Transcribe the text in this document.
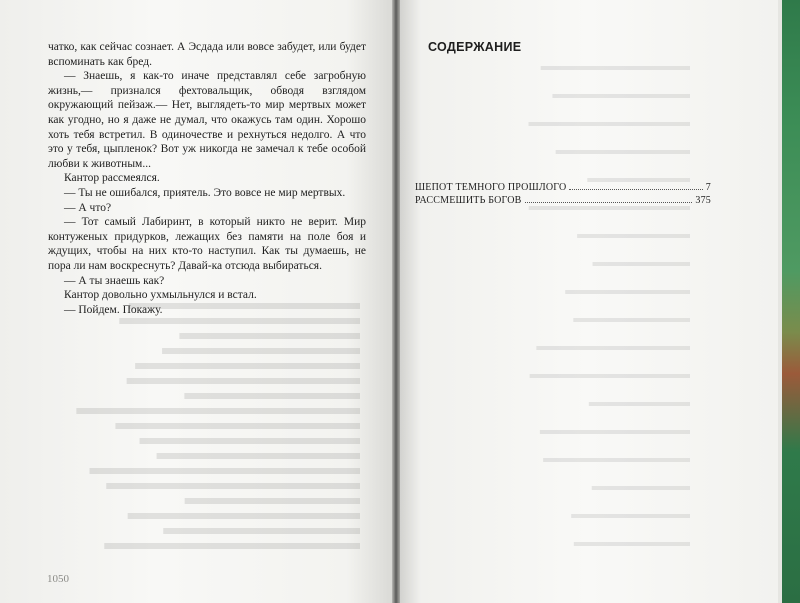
чатко, как сейчас сознает. А Эсдада или вовсе забудет, или будет вспоминать как бред.

— Знаешь, я как-то иначе представлял себе загробную жизнь,— признался фехтовальщик, обводя взглядом окружающий пейзаж.— Нет, выглядеть-то мир мертвых может как угодно, но я даже не думал, что окажусь там один. Хорошо хоть тебя встретил. В одиночестве и рехнуться недолго. А что это у тебя, цыпленок? Вот уж никогда не замечал к тебе особой любви к животным...

Кантор рассмеялся.

— Ты не ошибался, приятель. Это вовсе не мир мертвых.

— А что?

— Тот самый Лабиринт, в который никто не верит. Мир контуженых придурков, лежащих без памяти на поле боя и ждущих, чтобы на них кто-то наступил. Как ты думаешь, не пора ли нам воскреснуть? Давай-ка отсюда выбираться.

— А ты знаешь как?

Кантор довольно ухмыльнулся и встал.

— Пойдем. Покажу.

1050
СОДЕРЖАНИЕ
ШЕПОТ ТЕМНОГО ПРОШЛОГО	7
РАССМЕШИТЬ БОГОВ	375
